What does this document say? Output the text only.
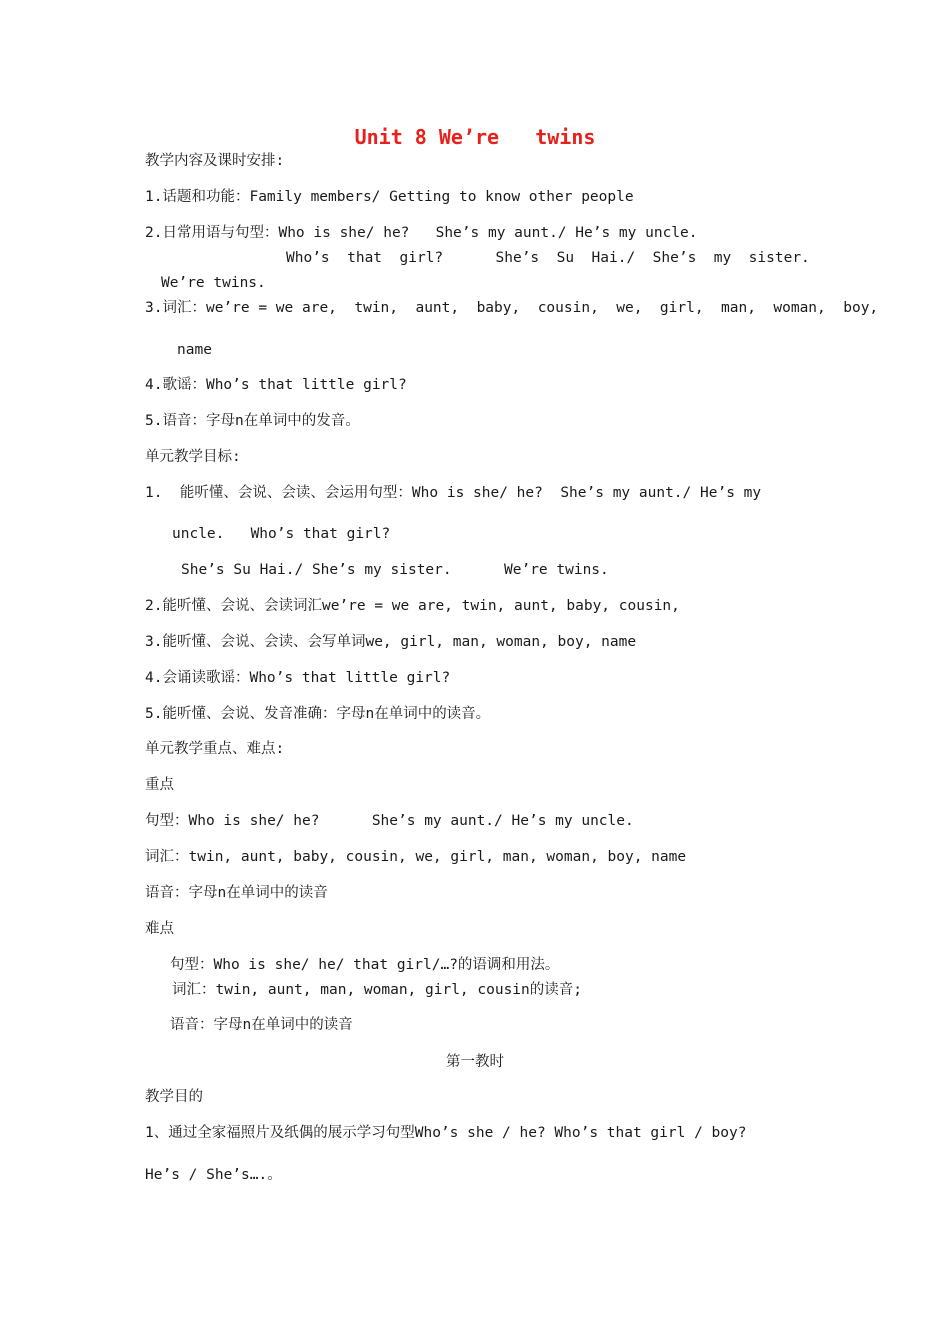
Unit 8 We’re   twins
教学内容及课时安排:
1.话题和功能：Family members/ Getting to know other people
2.日常用语与句型：Who is she/ he?   She’s my aunt./ He’s my uncle.
Who’s  that  girl?      She’s  Su  Hai./  She’s  my  sister.
We’re twins.
3.词汇：we’re = we are,  twin,  aunt,  baby,  cousin,  we,  girl,  man,  woman,  boy,
name
4.歌谣：Who’s that little girl?
5.语音：字母n在单词中的发音。
单元教学目标:
1.  能听懂、会说、会读、会运用句型：Who is she/ he?  She’s my aunt./ He’s my
uncle.   Who’s that girl?
She’s Su Hai./ She’s my sister.      We’re twins.
2.能听懂、会说、会读词汇we’re = we are, twin, aunt, baby, cousin,
3.能听懂、会说、会读、会写单词we, girl, man, woman, boy, name
4.会诵读歌谣：Who’s that little girl?
5.能听懂、会说、发音准确：字母n在单词中的读音。
单元教学重点、难点:
重点
句型：Who is she/ he?      She’s my aunt./ He’s my uncle.
词汇：twin, aunt, baby, cousin, we, girl, man, woman, boy, name
语音：字母n在单词中的读音
难点
句型：Who is she/ he/ that girl/…?的语调和用法。
词汇：twin, aunt, man, woman, girl, cousin的读音;
语音：字母n在单词中的读音
第一教时
教学目的
1、通过全家福照片及纸偶的展示学习句型Who’s she / he? Who’s that girl / boy?
He’s / She’s….。
